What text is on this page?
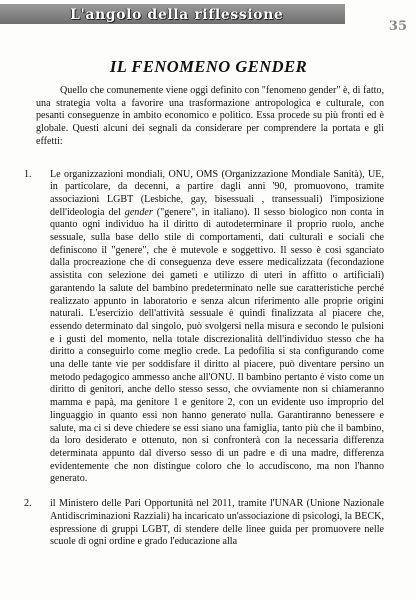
L'angolo della riflessione
35
IL FENOMENO GENDER

Quello che comunemente viene oggi definito con "fenomeno gender" è, di fatto, una strategia volta a favorire una trasformazione antropologica e culturale, con pesanti conseguenze in ambito economico e politico. Essa procede su più fronti ed è globale. Questi alcuni dei segnali da considerare per comprendere la portata e gli effetti:

1. Le organizzazioni mondiali, ONU, OMS (Organizzazione Mondiale Sanità), UE, in particolare, da decenni, a partire dagli anni '90, promuovono, tramite associazioni LGBT (Lesbiche, gay, bisessuali , transessuali) l'imposizione dell'ideologia del gender ("genere", in italiano). Il sesso biologico non conta in quanto ogni individuo ha il diritto di autodeterminare il proprio ruolo, anche sessuale, sulla base dello stile di comportamenti, dati culturali e sociali che definiscono il "genere", che è mutevole e soggettivo. Il sesso è così sganciato dalla procreazione che di conseguenza deve essere medicalizzata (fecondazione assistita con selezione dei gameti e utilizzo di uteri in affitto o artificiali) garantendo la salute del bambino predeterminato nelle sue caratteristiche perché realizzato appunto in laboratorio e senza alcun riferimento alle proprie origini naturali. L'esercizio dell'attività sessuale è quindi finalizzata al piacere che, essendo determinato dal singolo, può svolgersi nella misura e secondo le pulsioni e i gusti del momento, nella totale discrezionalità dell'individuo stesso che ha diritto a conseguirlo come meglio crede. La pedofilia si sta configurando come una delle tante vie per soddisfare il diritto al piacere, può diventare persino un metodo pedagogico ammesso anche all'ONU. Il bambino pertanto è visto come un diritto di genitori, anche dello stesso sesso, che ovviamente non si chiameranno mamma e papà, ma genitore 1 e genitore 2, con un evidente uso improprio del linguaggio in quanto essi non hanno generato nulla. Garantiranno benessere e salute, ma ci si deve chiedere se essi siano una famiglia, tanto più che il bambino, da loro desiderato e ottenuto, non si confronterà con la necessaria differenza determinata appunto dal diverso sesso di un padre e di una madre, differenza evidentemente che non distingue coloro che lo accudiscono, ma non l'hanno generato.
2. il Ministero delle Pari Opportunità nel 2011, tramite l'UNAR (Unione Nazionale Antidiscriminazioni Razziali) ha incaricato un'associazione di psicologi, la BECK, espressione di gruppi LGBT, di stendere delle linee guida per promuovere nelle scuole di ogni ordine e grado l'educazione alla
